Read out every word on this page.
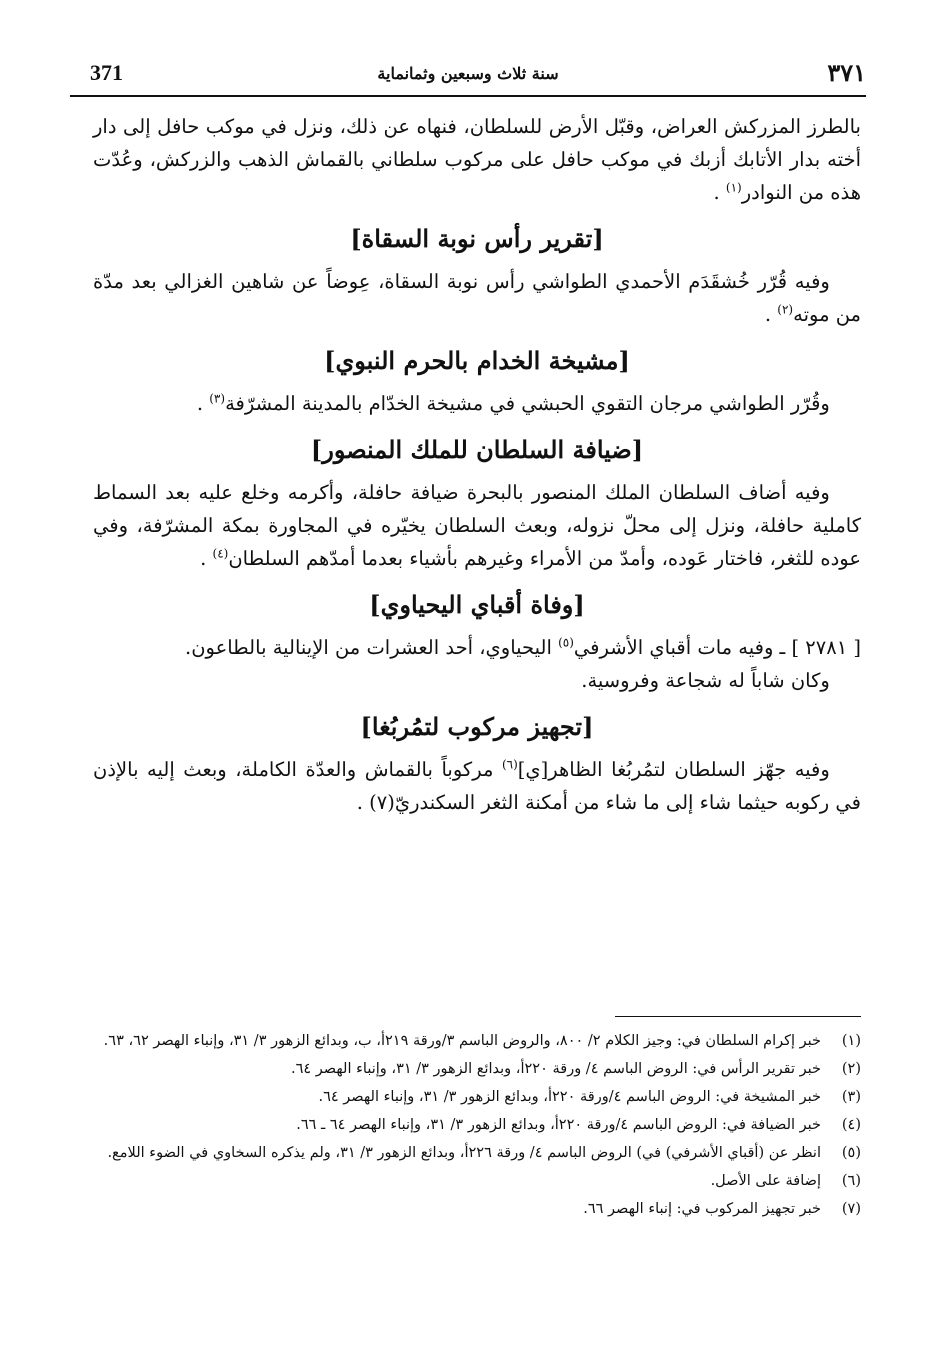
371	سنة ثلاث وسبعين وثمانماية	٣٧١

بالطرز المزركش العراض، وقبّل الأرض للسلطان، فنهاه عن ذلك، ونزل في موكب حافل إلى دار أخته بدار الأتابك أزبك في موكب حافل على مركوب سلطاني بالقماش الذهب والزركش، وعُدّت هذه من النوادر$^{(١)}$ .

[تقرير رأس نوبة السقاة]

وفيه قُرّر خُشقَدَم الأحمدي الطواشي رأس نوبة السقاة، عِوضاً عن شاهين الغزالي بعد مدّة من موته$^{(٢)}$ .

[مشيخة الخدام بالحرم النبوي]

وقُرّر الطواشي مرجان التقوي الحبشي في مشيخة الخدّام بالمدينة المشرّفة$^{(٣)}$ .

[ضيافة السلطان للملك المنصور]

وفيه أضاف السلطان الملك المنصور بالبحرة ضيافة حافلة، وأكرمه وخلع عليه بعد السماط كاملية حافلة، ونزل إلى محلّ نزوله، وبعث السلطان يخيّره في المجاورة بمكة المشرّفة، وفي عوده للثغر، فاختار عَوده، وأمدّ من الأمراء وغيرهم بأشياء بعدما أمدّهم السلطان$^{(٤)}$ .

[وفاة أقباي اليحياوي]

[ ٢٧٨١ ] ـ وفيه مات أقباي الأشرفي$^{(٥)}$ اليحياوي، أحد العشرات من الإينالية بالطاعون.

وكان شاباً له شجاعة وفروسية.

[تجهيز مركوب لتمُربُغا]

وفيه جهّز السلطان لتمُربُغا الظاهر[ي]$^{(٦)}$ مركوباً بالقماش والعدّة الكاملة، وبعث إليه بالإذن في ركوبه حيثما شاء إلى ما شاء من أمكنة الثغر السكندريّ(٧) .

(١)
خبر إكرام السلطان في: وجيز الكلام ٢/ ٨٠٠، والروض الباسم ٣/ورقة ٢١٩أ، ب، وبدائع الزهور ٣/ ٣١، وإنباء الهصر ٦٢، ٦٣.
(٢)
خبر تقرير الرأس في: الروض الباسم ٤/ ورقة ٢٢٠أ، وبدائع الزهور ٣/ ٣١، وإنباء الهصر ٦٤.
(٣)
خبر المشيخة في: الروض الباسم ٤/ورقة ٢٢٠أ، وبدائع الزهور ٣/ ٣١، وإنباء الهصر ٦٤.
(٤)
خبر الضيافة في: الروض الباسم ٤/ورقة ٢٢٠أ، وبدائع الزهور ٣/ ٣١، وإنباء الهصر ٦٤ ـ ٦٦.
(٥)
انظر عن (أقباي الأشرفي) في) الروض الباسم ٤/ ورقة ٢٢٦أ، وبدائع الزهور ٣/ ٣١، ولم يذكره السخاوي في الضوء اللامع.
(٦)
إضافة على الأصل.
(٧)
خبر تجهيز المركوب في: إنباء الهصر ٦٦.
